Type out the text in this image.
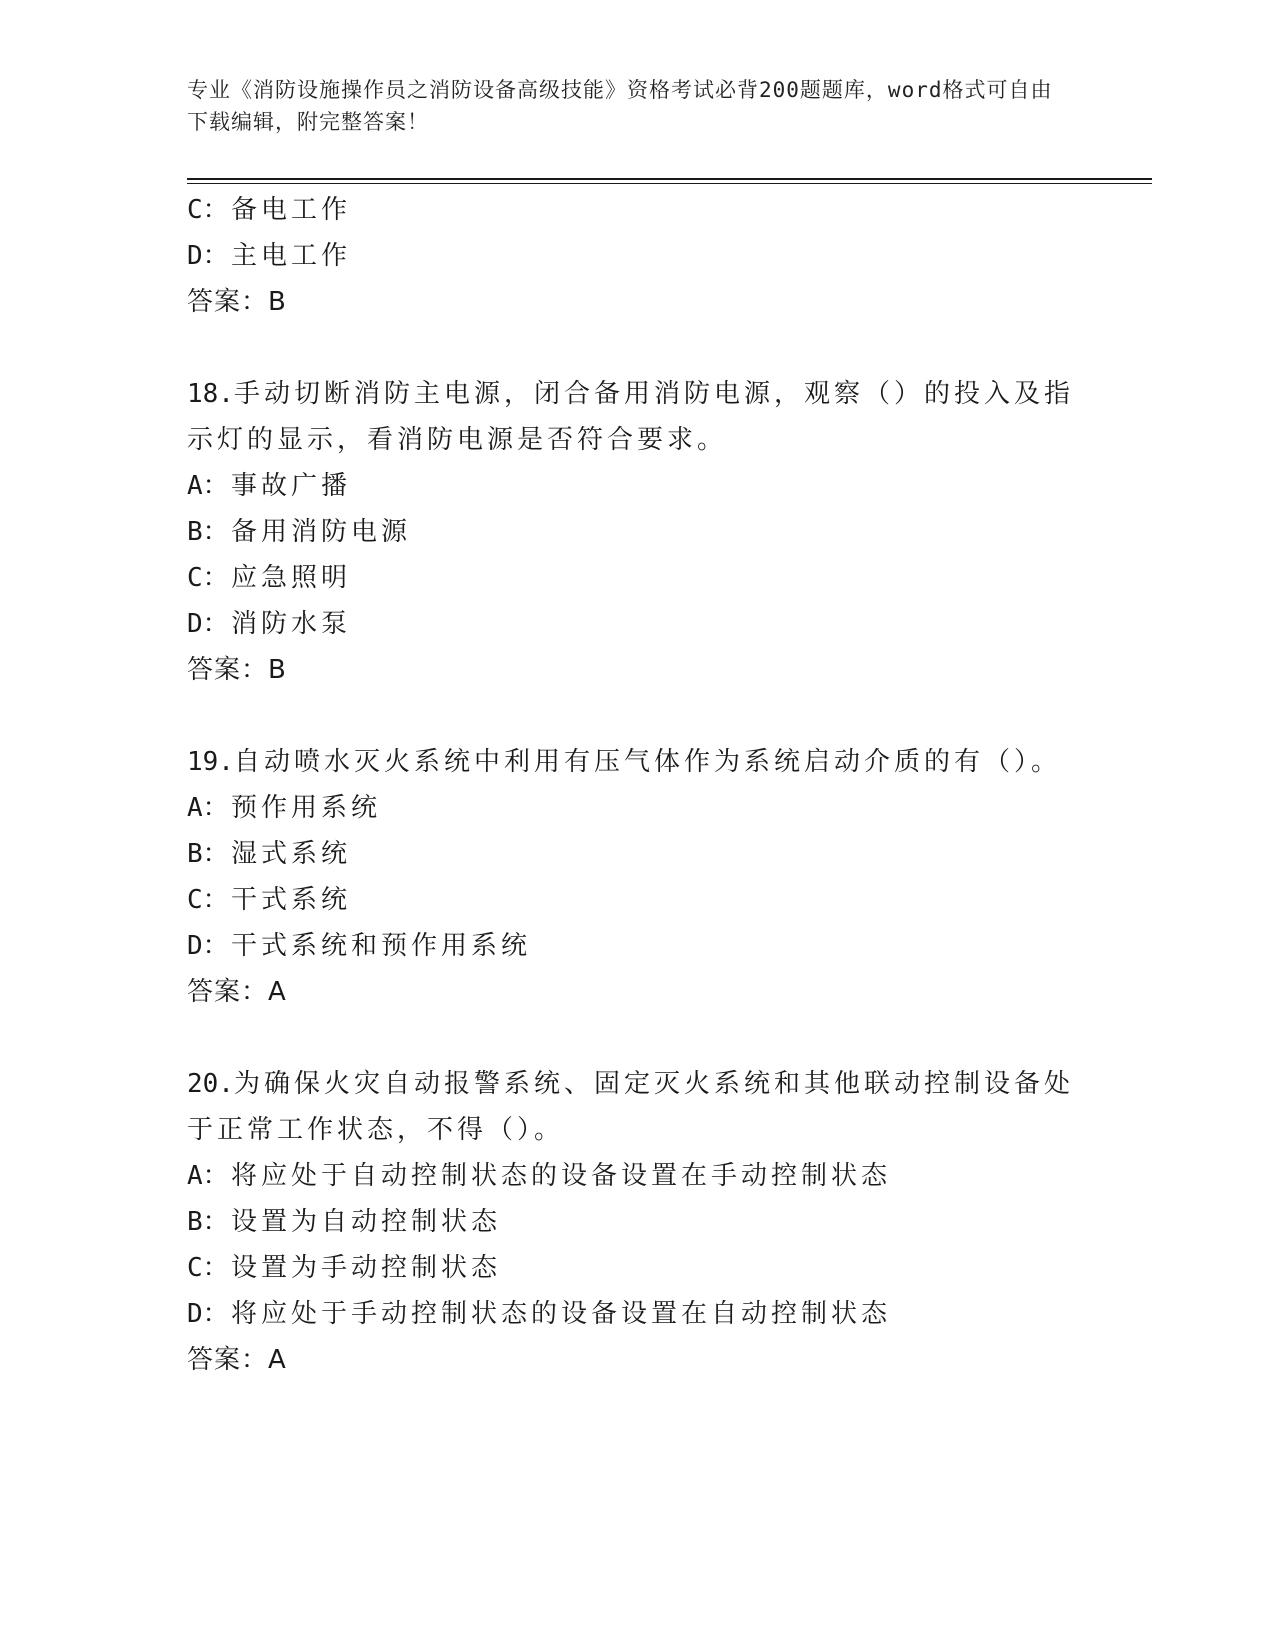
专业《消防设施操作员之消防设备高级技能》资格考试必背200题题库，word格式可自由下载编辑，附完整答案！
C：备电工作
D：主电工作
答案：B
18.手动切断消防主电源，闭合备用消防电源，观察（）的投入及指示灯的显示，看消防电源是否符合要求。
A：事故广播
B：备用消防电源
C：应急照明
D：消防水泵
答案：B
19.自动喷水灭火系统中利用有压气体作为系统启动介质的有（）。
A：预作用系统
B：湿式系统
C：干式系统
D：干式系统和预作用系统
答案：A
20.为确保火灾自动报警系统、固定灭火系统和其他联动控制设备处于正常工作状态，不得（）。
A：将应处于自动控制状态的设备设置在手动控制状态
B：设置为自动控制状态
C：设置为手动控制状态
D：将应处于手动控制状态的设备设置在自动控制状态
答案：A
